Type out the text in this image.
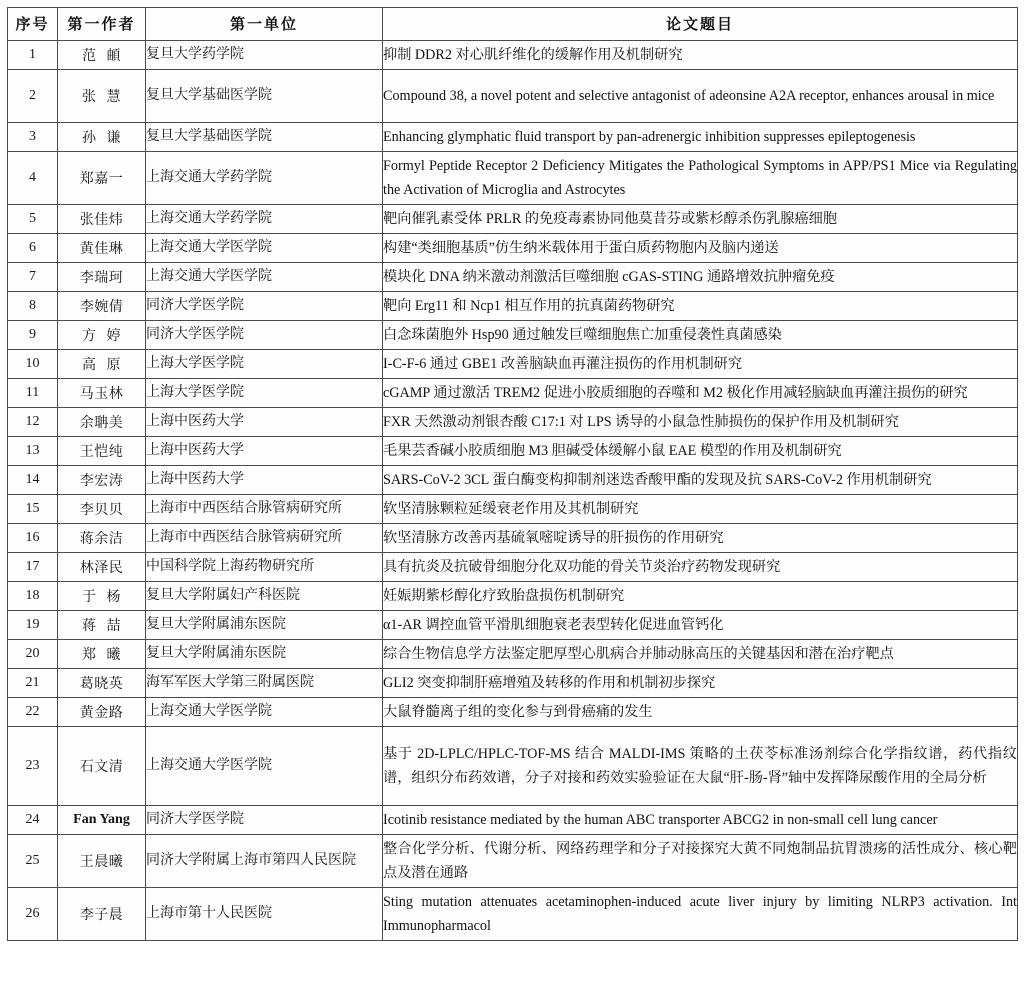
序号	第一作者	第一单位	论文题目
1	范  頔	复旦大学药学院	抑制 DDR2 对心肌纤维化的缓解作用及机制研究
2	张  慧	复旦大学基础医学院	Compound 38, a novel potent and selective antagonist of adeonsine A2A receptor, enhances arousal in mice
3	孙  谦	复旦大学基础医学院	Enhancing glymphatic fluid transport by pan-adrenergic inhibition suppresses epileptogenesis
4	郑嘉一	上海交通大学药学院	Formyl Peptide Receptor 2 Deficiency Mitigates the Pathological Symptoms in APP/PS1 Mice via Regulating the Activation of Microglia and Astrocytes
5	张佳炜	上海交通大学药学院	靶向催乳素受体 PRLR 的免疫毒素协同他莫昔芬或紫杉醇杀伤乳腺癌细胞
6	黄佳琳	上海交通大学医学院	构建“类细胞基质”仿生纳米载体用于蛋白质药物胞内及脑内递送
7	李瑞珂	上海交通大学医学院	模块化 DNA 纳米激动剂激活巨噬细胞 cGAS-STING 通路增效抗肿瘤免疫
8	李婉倩	同济大学医学院	靶向 Erg11 和 Ncp1 相互作用的抗真菌药物研究
9	方  婷	同济大学医学院	白念珠菌胞外 Hsp90 通过触发巨噬细胞焦亡加重侵袭性真菌感染
10	高  原	上海大学医学院	I-C-F-6 通过 GBE1 改善脑缺血再灌注损伤的作用机制研究
11	马玉林	上海大学医学院	cGAMP 通过激活 TREM2 促进小胶质细胞的吞噬和 M2 极化作用减轻脑缺血再灌注损伤的研究
12	余聃美	上海中医药大学	FXR 天然激动剂银杏酸 C17:1 对 LPS 诱导的小鼠急性肺损伤的保护作用及机制研究
13	王恺纯	上海中医药大学	毛果芸香碱小胶质细胞 M3 胆碱受体缓解小鼠 EAE 模型的作用及机制研究
14	李宏涛	上海中医药大学	SARS-CoV-2 3CL 蛋白酶变构抑制剂迷迭香酸甲酯的发现及抗 SARS-CoV-2 作用机制研究
15	李贝贝	上海市中西医结合脉管病研究所	软坚清脉颗粒延缓衰老作用及其机制研究
16	蒋余洁	上海市中西医结合脉管病研究所	软坚清脉方改善丙基硫氧嘧啶诱导的肝损伤的作用研究
17	林泽民	中国科学院上海药物研究所	具有抗炎及抗破骨细胞分化双功能的骨关节炎治疗药物发现研究
18	于  杨	复旦大学附属妇产科医院	妊娠期紫杉醇化疗致胎盘损伤机制研究
19	蒋  喆	复旦大学附属浦东医院	α1-AR 调控血管平滑肌细胞衰老表型转化促进血管钙化
20	郑  曦	复旦大学附属浦东医院	综合生物信息学方法鉴定肥厚型心肌病合并肺动脉高压的关键基因和潜在治疗靶点
21	葛晓英	海军军医大学第三附属医院	GLI2 突变抑制肝癌增殖及转移的作用和机制初步探究
22	黄金路	上海交通大学医学院	大鼠脊髓离子组的变化参与到骨癌痛的发生
23	石文清	上海交通大学医学院	基于 2D-LPLC/HPLC-TOF-MS 结合 MALDI-IMS 策略的土茯苓标准汤剂综合化学指纹谱，药代指纹谱，组织分布药效谱，分子对接和药效实验验证在大鼠“肝-肠-肾”轴中发挥降尿酸作用的全局分析
24	Fan Yang	同济大学医学院	Icotinib resistance mediated by the human ABC transporter ABCG2 in non-small cell lung cancer
25	王晨曦	同济大学附属上海市第四人民医院	整合化学分析、代谢分析、网络药理学和分子对接探究大黄不同炮制品抗胃溃疡的活性成分、核心靶点及潜在通路
26	李子晨	上海市第十人民医院	Sting mutation attenuates acetaminophen-induced acute liver injury by limiting NLRP3 activation. Int Immunopharmacol
